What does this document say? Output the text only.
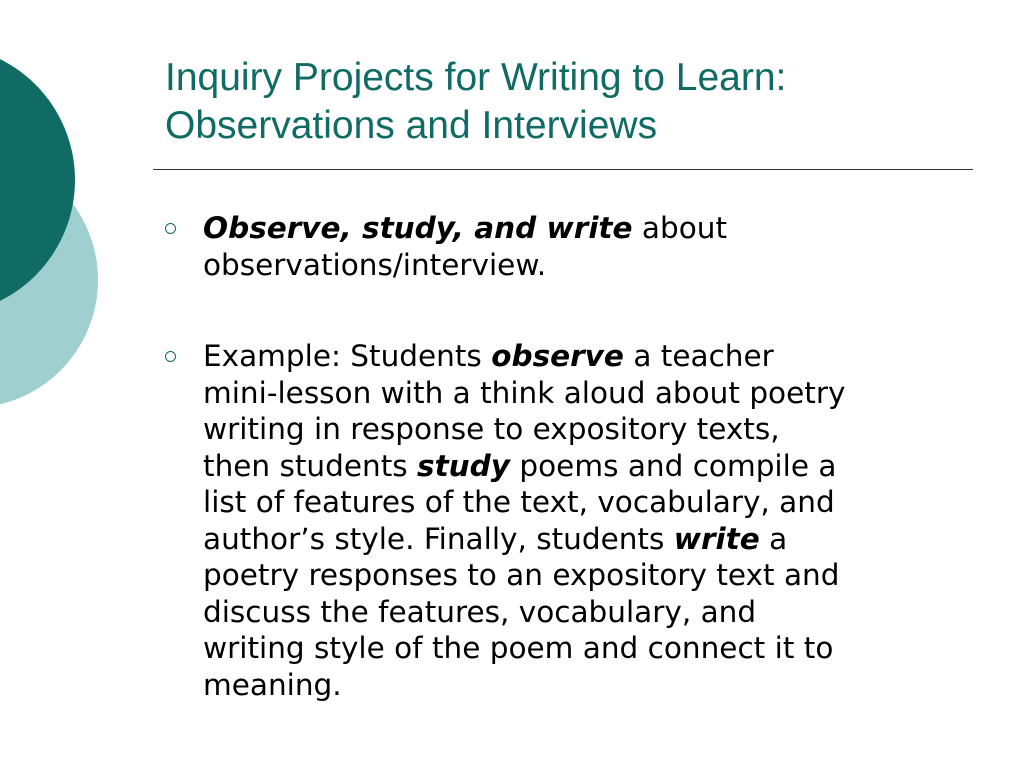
Inquiry Projects for Writing to Learn:
Observations and Interviews
Observe, study, and write about
observations/interview.
Example: Students observe a teacher
mini-lesson with a think aloud about poetry
writing in response to expository texts,
then students study poems and compile a
list of features of the text, vocabulary, and
author’s style. Finally, students write a
poetry responses to an expository text and
discuss the features, vocabulary, and
writing style of the poem and connect it to
meaning.
